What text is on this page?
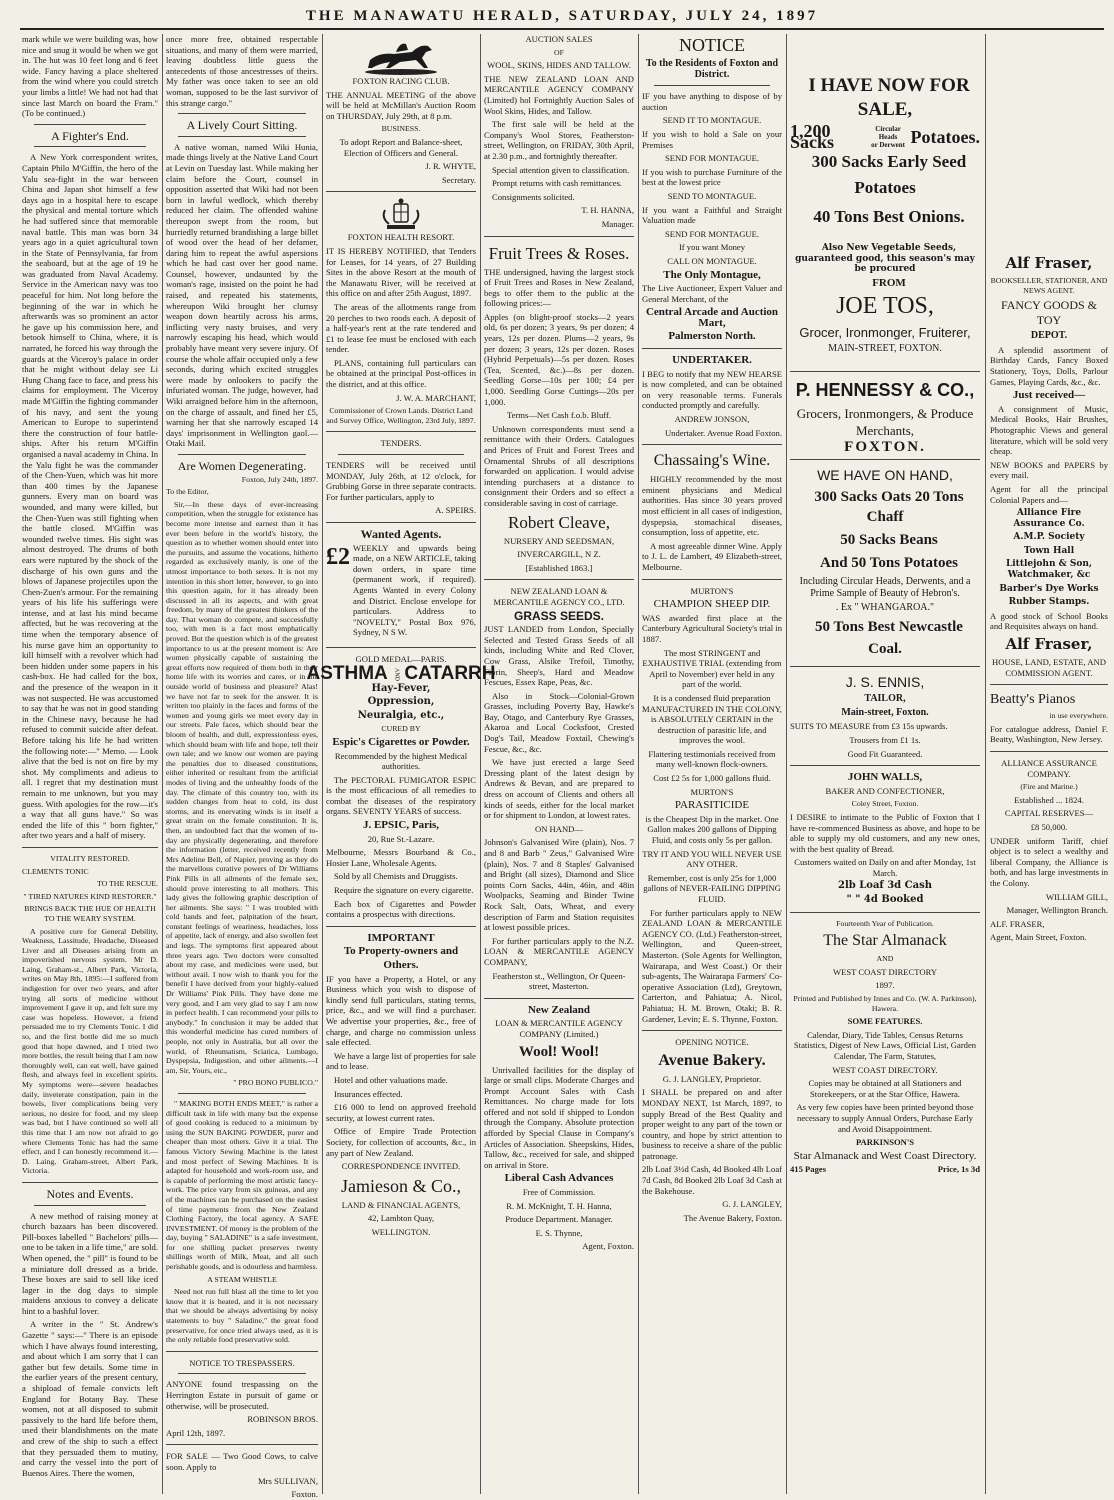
THE MANAWATU HERALD, SATURDAY, JULY 24, 1897

mark while we were building was, how nice and snug it would be when we got in. The hut was 10 feet long and 6 feet wide. Fancy having a place sheltered from the wind where you could stretch your limbs a little! We had not had that since last March on board the Fram." (To be continued.)

A Fighter's End.

A New York correspondent writes, Captain Philo M'Giffin, the hero of the Yalu sea-fight in the war between China and Japan shot himself a few days ago in a hospital here to escape the physical and mental torture which he had suffered since that memorable naval battle. This man was born 34 years ago in a quiet agricultural town in the State of Pennsylvania, far from the seaboard, but at the age of 19 he was graduated from Naval Academy. Service in the American navy was too peaceful for him. Not long before the beginning of the war in which he afterwards was so prominent an actor he gave up his commission here, and betook himself to China, where, it is narrated, he forced his way through the guards at the Viceroy's palace in order that he might without delay see Li Hung Chang face to face, and press his claims for employment. The Viceroy made M'Giffin the fighting commander of his navy, and sent the young American to Europe to superintend there the construction of four battle-ships. After his return M'Giffin organised a naval academy in China. In the Yalu fight he was the commander of the Chen-Yuen, which was hit more than 400 times by the Japanese gunners. Every man on board was wounded, and many were killed, but the Chen-Yuen was still fighting when the battle closed. M'Giffin was wounded twelve times. His sight was almost destroyed. The drums of both ears were ruptured by the shock of the discharge of his own guns and the blows of Japanese projectiles upon the Chen-Zuen's armour. For the remaining years of his life his sufferings were intense, and at last his mind became affected, but he was recovering at the time when the temporary absence of his nurse gave him an opportunity to kill himself with a revolver which had been hidden under some papers in his cash-box. He had called for the box, and the presence of the weapon in it was not suspected. He was accustomed to say that he was not in good standing in the Chinese navy, because he had refused to commit suicide after defeat. Before taking his life he had written the following note:—" Memo. — Look alive that the bed is not on fire by my shot. My compliments and adieus to all. I regret that my destination must remain to me unknown, but you may guess. With apologies for the row—it's a way that all guns have." So was ended the life of this " born fighter," after two years and a half of misery.

VITALITY RESTORED.

CLEMENTS TONIC

TO THE RESCUE.

" TIRED NATURES KIND RESTORER."

BRINGS BACK THE HUE OF HEALTH TO THE WEARY SYSTEM.

A positive cure for General Debility, Weakness, Lassitude, Headache, Diseased Liver and all Diseases arising from an impoverished nervous system. Mr D. Laing, Graham-st., Albert Park, Victoria, writes on May 8th, 1895:—I suffered from indigestion for over two years, and after trying all sorts of medicine without improvement I gave it up, and felt sure my case was hopeless. However, a friend persuaded me to try Clements Tonic. I did so, and the first bottle did me so much good that hope dawned, and I tried two more bottles, the result being that I am now thoroughly well, can eat well, have gained flesh, and always feel in excellent spirits. My symptoms were—severe headaches daily, inveterate constipation, pain in the bowels, liver complications being very serious, no desire for food, and my sleep was bad, but I have continued so well all this time that I am now not afraid to go where Clements Tonic has had the same effect, and I can honestly recommend it.—D. Laing, Graham-street, Albert Park, Victoria.

Notes and Events.

A new method of raising money at church bazaars has been discovered. Pill-boxes labelled " Bachelors' pills—one to be taken in a life time," are sold. When opened, the " pill" is found to be a miniature doll dressed as a bride. These boxes are said to sell like iced lager in the dog days to simple maidens anxious to convey a delicate hint to a bashful lover.

A writer in the " St. Andrew's Gazette " says:—" There is an episode which I have always found interesting, and about which I am sorry that I can gather but few details. Some time in the earlier years of the present century, a shipload of female convicts left England for Botany Bay. These women, not at all disposed to submit passively to the hard life before them, used their blandishments on the mate and crew of the ship to such a effect that they persuaded them to mutiny, and carry the vessel into the port of Buenos Aires. There the women,

once more free, obtained respectable situations, and many of them were married, leaving doubtless little guess the antecedents of those ancestresses of theirs. My father was once taken to see an old woman, supposed to be the last survivor of this strange cargo."

A Lively Court Sitting.

A native woman, named Wiki Hunia, made things lively at the Native Land Court at Levin on Tuesday last. While making her claim before the Court, counsel in opposition asserted that Wiki had not been born in lawful wedlock, which thereby reduced her claim. The offended wahine thereupon swept from the room, but hurriedly returned brandishing a large billet of wood over the head of her defamer, daring him to repeat the awful aspersions which he had cast over her good name. Counsel, however, undaunted by the woman's rage, insisted on the point he had raised, and repeated his statements, whereupon Wiki brought her clumsy weapon down heartily across his arms, inflicting very nasty bruises, and very narrowly escaping his head, which would probably have meant very severe injury. Of course the whole affair occupied only a few seconds, during which excited struggles were made by onlookers to pacify the infuriated woman. The judge, however, had Wiki arraigned before him in the afternoon, on the charge of assault, and fined her £5, warning her that she narrowly escaped 14 days' imprisonment in Wellington gaol.—Otaki Mail.

Are Women Degenerating.

Foxton, July 24th, 1897.

To the Editor,

Sir,—In these days of ever-increasing competition, when the struggle for existence has become more intense and earnest than it has ever been before in the world's history, the question as to whether women should enter into the pursuits, and assume the vocations, hitherto regarded as exclusively manly, is one of the utmost importance to both sexes. It is not my intention in this short letter, however, to go into this question again, for it has already been discussed in all its aspects, and with great freedom, by many of the greatest thinkers of the day. That woman do compete, and successfully too, with men is a fact most emphatically proved. But the question which is of the greatest importance to us at the present moment is: Are women physically capable of sustaining the great efforts now required of them both in their home life with its worries and cares, or in the outside world of business and pleasure? Alas! we have not far to seek for the answer. It is written too plainly in the faces and forms of the women and young girls we meet every day in our streets. Pale faces, which should bear the bloom of health, and dull, expressionless eyes, which should beam with life and hope, tell their own tale; and we know our women are paying the penalties due to diseased constitutions, either inherited or resultant from the artificial modes of living and the unhealthy foods of the day. The climate of this country too, with its sudden changes from heat to cold, its dust storms, and its enervating winds is in itself a great strain on the female constitution. It is, then, an undoubted fact that the women of to-day are physically degenerating, and therefore the information (letter, received recently from Mrs Adeline Bell, of Napier, proving as they do the marvellous curative powers of Dr Williams Pink Pills in all ailments of the female sex, should prove interesting to all mothers. This lady gives the following graphic description of her ailments. She says: " I was troubled with cold hands and feet, palpitation of the heart, constant feelings of weariness, headaches, loss of appetite, lack of energy, and also swollen feet and legs. The symptoms first appeared about three years ago. Two doctors were consulted about my case, and medicines were used, but without avail. I now wish to thank you for the benefit I have derived from your highly-valued Dr Williams' Pink Pills. They have done me very good, and I am very glad to say I am now in perfect health. I can recommend your pills to anybody." In conclusion it may be added that this wonderful medicine has cured numbers of people, not only in Australia, but all over the world, of Rheumatism, Sciatica, Lumbago, Dyspepsia, Indigestion, and other ailments.—I am, Sir, Yours, etc.,

" PRO BONO PUBLICO."

" MAKING BOTH ENDS MEET," is rather a difficult task in life with many but the expense of good cooking is reduced to a minimum by using the SUN BAKING POWDER, purer and cheaper than most others. Give it a trial. The famous Victory Sewing Machine is the latest and most perfect of Sewing Machines. It is adapted for household and work-room use, and is capable of performing the most artistic fancy-work. The price vary from six guineas, and any of the machines can be purchased on the easiest of time payments from the New Zealand Clothing Factory, the local agency. A SAFE INVESTMENT. Of money is the problem of the day, buying " SALADINE" is a safe investment, for one shilling packet preserves twenty shillings worth of Milk, Meat, and all such perishable goods, and is odourless and harmless.

A STEAM WHISTLE

Need not run full blast all the time to let you know that it is heated, and it is not necessary that we should be always advertising by noisy statements to buy " Saladine," the great food preservative, for once tried always used, as it is the only reliable food preservative sold.

NOTICE TO TRESPASSERS.

ANYONE found trespassing on the Herrington Estate in pursuit of game or otherwise, will be prosecuted.

ROBINSON BROS.

April 12th, 1897.

FOR SALE — Two Good Cows, to calve soon. Apply to

Mrs SULLIVAN,

Foxton.

FOXTON RACING CLUB.

THE ANNUAL MEETING of the above will be held at McMillan's Auction Room on THURSDAY, July 29th, at 8 p.m.

BUSINESS.

To adopt Report and Balance-sheet, Election of Officers and General.

J. R. WHYTE,

Secretary.

FOXTON HEALTH RESORT.

IT IS HEREBY NOTIFIED, that Tenders for Leases, for 14 years, of 27 Building Sites in the above Resort at the mouth of the Manawatu River, will be received at this office on and after 25th August, 1897.

The areas of the allotments range from 20 perches to two roods each. A deposit of a half-year's rent at the rate tendered and £1 to lease fee must be enclosed with each tender.

PLANS, containing full particulars can be obtained at the principal Post-offices in the district, and at this office.

J. W. A. MARCHANT,

Commissioner of Crown Lands. District Land and Survey Office, Wellington, 23rd July, 1897.

TENDERS.

TENDERS will be received until MONDAY, July 26th, at 12 o'clock, for Grubbing Gorse in three separate contracts. For further particulars, apply to

A. SPEIRS.

Wanted Agents.

£2 WEEKLY and upwards being made, on a NEW ARTICLE, taking down orders, in spare time (permanent work, if required). Agents Wanted in every Colony and District. Enclose envelope for particulars. Address to "NOVELTY," Postal Box 976, Sydney, N S W.

GOLD MEDAL—PARIS.

ASTHMA AND CATARRH

Hay-Fever,

Oppression,

Neuralgia, etc.,

CURED BY

Espic's Cigarettes or Powder.

Recommended by the highest Medical authorities.

The PECTORAL FUMIGATOR ESPIC is the most efficacious of all remedies to combat the diseases of the respiratory organs. SEVENTY YEARS of success.

J. EPSIC, Paris,

20, Rue St.-Lazare.

Melbourne, Messrs Bourband & Co., Hosier Lane, Wholesale Agents.

Sold by all Chemists and Druggists.

Require the signature on every cigarette.

Each box of Cigarettes and Powder contains a prospectus with directions.

IMPORTANT

To Property-owners and

Others.

IF you have a Property, a Hotel, or any Business which you wish to dispose of kindly send full particulars, stating terms, price, &c., and we will find a purchaser. We advertise your properties, &c., free of charge, and charge no commission unless sale effected.

We have a large list of properties for sale and to lease.

Hotel and other valuations made.

Insurances effected.

£16 000 to lend on approved freehold security, at lowest current rates.

Office of Empire Trade Protection Society, for collection of accounts, &c., in any part of New Zealand.

CORRESPONDENCE INVITED.

Jamieson & Co.,

LAND & FINANCIAL AGENTS,

42, Lambton Quay,

WELLINGTON.

AUCTION SALES

OF

WOOL, SKINS, HIDES AND TALLOW.

THE NEW ZEALAND LOAN AND MERCANTILE AGENCY COMPANY (Limited) hol Fortnightly Auction Sales of Wool Skins, Hides, and Tallow.

The first sale will be held at the Company's Wool Stores, Featherston-street, Wellington, on FRIDAY, 30th April, at 2.30 p.m., and fortnightly thereafter.

Special attention given to classification.

Prompt returns with cash remittances.

Consignments solicited.

T. H. HANNA,

Manager.

Fruit Trees & Roses.

THE undersigned, having the largest stock of Fruit Trees and Roses in New Zealand, begs to offer them to the public at the following prices:—

Apples (on blight-proof stocks—2 years old, 6s per dozen; 3 years, 9s per dozen; 4 years, 12s per dozen. Plums—2 years, 9s per dozen; 3 years, 12s per dozen. Roses (Hybrid Perpetuals)—5s per dozen. Roses (Tea, Scented, &c.)—8s per dozen. Seedling Gorse—10s per 100; £4 per 1,000. Seedling Gorse Cuttings—20s per 1,000.

Terms—Net Cash f.o.b. Bluff.

Unknown correspondents must send a remittance with their Orders. Catalogues and Prices of Fruit and Forest Trees and Ornamental Shrubs of all descriptions forwarded on application. I would advise intending purchasers at a distance to consignment their Orders and so effect a considerable saving in cost of carriage.

Robert Cleave,

NURSERY AND SEEDSMAN,

INVERCARGILL, N Z.

[Established 1863.]

NEW ZEALAND LOAN & MERCANTILE AGENCY CO., LTD.

GRASS SEEDS.

JUST LANDED from London, Specially Selected and Tested Grass Seeds of all kinds, including White and Red Clover, Cow Grass, Alsike Trefoil, Timothy, Fiorin, Sheep's, Hard and Meadow Fescues, Essex Rape, Peas, &c.

Also in Stock—Colonial-Grown Grasses, including Poverty Bay, Hawke's Bay, Otago, and Canterbury Rye Grasses, Akaroa and Local Cocksfoot, Crested Dog's Tail, Meadow Foxtail, Chewing's Fescue, &c., &c.

We have just erected a large Seed Dressing plant of the latest design by Andrews & Bevan, and are prepared to dress on account of Clients and others all kinds of seeds, either for the local market or for shipment to London, at lowest rates.

ON HAND—

Johnson's Galvanised Wire (plain), Nos. 7 and 8 and Barb " Zeus," Galvanised Wire (plain), Nos. 7 and 8 Staples' Galvanised and Bright (all sizes), Diamond and Slice points Corn Sacks, 44in, 46in, and 48in Woolpacks, Seaming and Binder Twine Rock Salt, Oats, Wheat, and every description of Farm and Station requisites at lowest possible prices.

For further particulars apply to the N.Z. LOAN & MERCANTILE AGENCY COMPANY,

Featherston st., Wellington, Or Queen-street, Masterton.

New Zealand

LOAN & MERCANTILE AGENCY COMPANY (Limited.)

Wool! Wool!

Unrivalled facilities for the display of large or small clips. Moderate Charges and Prompt Account Sales with Cash Remittances. No charge made for lots offered and not sold if shipped to London through the Company. Absolute protection afforded by Special Clause in Company's Articles of Association. Sheepskins, Hides, Tallow, &c., received for sale, and shipped on arrival in Store.

Liberal Cash Advances

Free of Commission.

R. M. McKnight, T. H. Hanna,

Produce Department. Manager.

E. S. Thynne,

Agent, Foxton.

NOTICE

To the Residents of Foxton and District.

IF you have anything to dispose of by auction

SEND IT TO MONTAGUE.

If you wish to hold a Sale on your Premises

SEND FOR MONTAGUE.

If you wish to purchase Furniture of the best at the lowest price

SEND TO MONTAGUE.

If you want a Faithful and Straight Valuation made

SEND FOR MONTAGUE.

If you want Money

CALL ON MONTAGUE.

The Only Montague,

The Live Auctioneer, Expert Valuer and General Merchant, of the

Central Arcade and Auction Mart,

Palmerston North.

UNDERTAKER.

I BEG to notify that my NEW HEARSE is now completed, and can be obtained on very reasonable terms. Funerals conducted promptly and carefully.

ANDREW JONSON,

Undertaker. Avenue Road Foxton.

Chassaing's Wine.

HIGHLY recommended by the most eminent physicians and Medical authorities. Has since 30 years proved most efficient in all cases of indigestion, dyspepsia, stomachical diseases, consumption, loss of appetite, etc.

A most agreeable dinner Wine. Apply to J. L. de Lambert, 49 Elizabeth-street, Melbourne.

MURTON'S

CHAMPION SHEEP DIP.

WAS awarded first place at the Canterbury Agricultural Society's trial in 1887.

The most STRINGENT and EXHAUSTIVE TRIAL (extending from April to November) ever held in any part of the world.

It is a condensed fluid preparation MANUFACTURED IN THE COLONY, is ABSOLUTELY CERTAIN in the destruction of parasitic life, and improves the wool.

Flattering testimonials received from many well-known flock-owners.

Cost £2 5s for 1,000 gallons fluid.

MURTON'S

PARASITICIDE

is the Cheapest Dip in the market. One Gallon makes 200 gallons of Dipping Fluid, and costs only 5s per gallon.

TRY IT AND YOU WILL NEVER USE ANY OTHER.

Remember, cost is only 25s for 1,000 gallons of NEVER-FAILING DIPPING FLUID.

For further particulars apply to NEW ZEALAND LOAN & MERCANTILE AGENCY CO. (Ltd.) Featherston-street, Wellington, and Queen-street, Masterton. (Sole Agents for Wellington, Wairarapa, and West Coast.) Or their sub-agents, The Wairarapa Farmers' Co-operative Association (Ltd), Greytown, Carterton, and Pahiatua; A. Nicol, Pahiatua; H. M. Brown, Otaki; B. R. Gardener, Levin; E. S. Thynne, Foxton.

OPENING NOTICE.

Avenue Bakery.

G. J. LANGLEY, Proprietor.

I SHALL be prepared on and after MONDAY NEXT, 1st March, 1897, to supply Bread of the Best Quality and proper weight to any part of the town or country, and hope by strict attention to business to receive a share of the public patronage.

2lb Loaf 3½d Cash, 4d Booked 4lb Loaf 7d Cash, 8d Booked 2lb Loaf 3d Cash at the Bakehouse.

G. J. LANGLEY,

The Avenue Bakery, Foxton.

I HAVE NOW FOR SALE,

1,200 Sacks
Circular Heads
or Derwent Potatoes.

300 Sacks Early Seed Potatoes

40 Tons Best Onions.

Also New Vegetable Seeds, guaranteed good, this season's may be procured

FROM

JOE TOS,

Grocer, Ironmonger, Fruiterer,

MAIN-STREET, FOXTON.

P. HENNESSY & CO.,

Grocers, Ironmongers, & Produce Merchants,

FOXTON.

WE HAVE ON HAND,

300 Sacks Oats 20 Tons Chaff

50 Sacks Beans

And 50 Tons Potatoes

Including Circular Heads, Derwents, and a Prime Sample of Beauty of Hebron's.

. Ex " WHANGAROA."

50 Tons Best Newcastle Coal.

J. S. ENNIS,

TAILOR,

Main-street, Foxton.

SUITS TO MEASURE from £3 15s upwards.

Trousers from £1 1s.

Good Fit Guaranteed.

JOHN WALLS,

BAKER AND CONFECTIONER,

Coley Street, Foxton.

I DESIRE to intimate to the Public of Foxton that I have re-commenced Business as above, and hope to be able to supply my old customers, and any new ones, with the best quality of Bread.

Customers waited on Daily on and after Monday, 1st March.

2lb Loaf 3d Cash

" " 4d Booked

Fourteenth Year of Publication.

The Star Almanack

AND

WEST COAST DIRECTORY

1897.

Printed and Published by Innes and Co. (W. A. Parkinson), Hawera.

SOME FEATURES.

Calendar, Diary, Tide Tables, Census Returns Statistics, Digest of New Laws, Official List, Garden Calendar, The Farm, Statutes,

WEST COAST DIRECTORY.

Copies may be obtained at all Stationers and Storekeepers, or at the Star Office, Hawera.

As very few copies have been printed beyond those necessary to supply Annual Orders, Purchase Early and Avoid Disappointment.

PARKINSON'S

Star Almanack and West Coast Directory.

415 Pages	Price, 1s 3d

Alf Fraser,

BOOKSELLER, STATIONER, AND NEWS AGENT.

FANCY GOODS & TOY

DEPOT.

A splendid assortment of Birthday Cards, Fancy Boxed Stationery, Toys, Dolls, Parlour Games, Playing Cards, &c., &c.

Just received—

A consignment of Music, Medical Books, Hair Brushes, Photographic Views and general literature, which will be sold very cheap.

NEW BOOKS and PAPERS by every mail.

Agent for all the principal Colonial Papers and—

Alliance Fire Assurance Co.

A.M.P. Society

Town Hall

Littlejohn & Son, Watchmaker, &c

Barber's Dye Works

Rubber Stamps.

A good stock of School Books and Requisites always on hand.

Alf Fraser,

HOUSE, LAND, ESTATE, AND COMMISSION AGENT.

Beatty's Pianos

in use everywhere.

For catalogue address, Daniel F. Beatty, Washington, New Jersey.

ALLIANCE ASSURANCE COMPANY.

(Fire and Marine.)

Established ... 1824.

CAPITAL RESERVES—

£8 50,000.

UNDER uniform Tariff, chief object is to select a wealthy and liberal Company, the Alliance is both, and has large investments in the Colony.

WILLIAM GILL,

Manager, Wellington Branch.

ALF. FRASER,

Agent, Main Street, Foxton.
